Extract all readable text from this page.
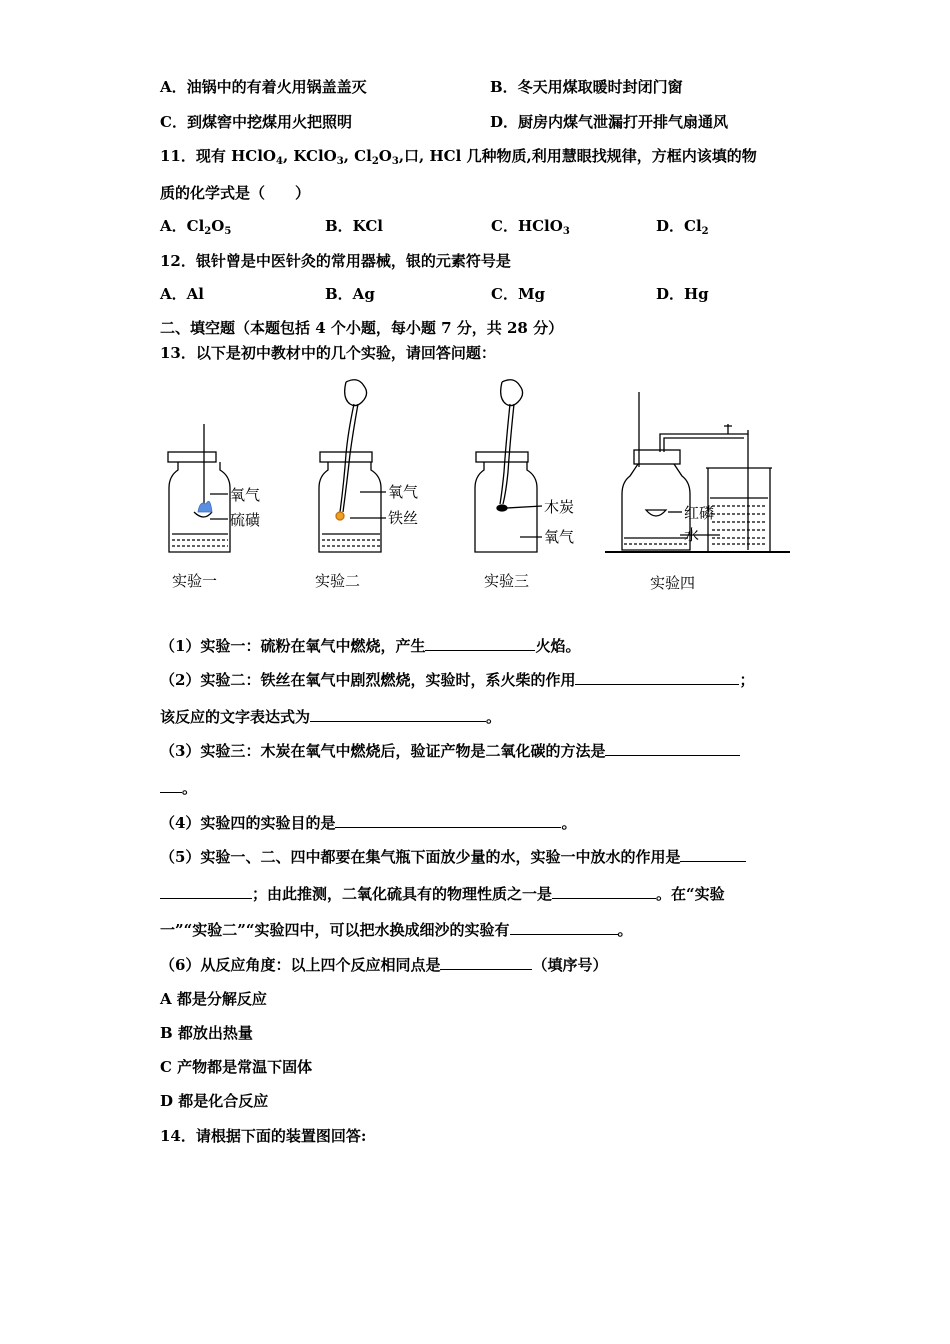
A．油锅中的有着火用锅盖盖灭	B．冬天用煤取暖时封闭门窗
C．到煤窖中挖煤用火把照明	D．厨房内煤气泄漏打开排气扇通风
11．现有 HClO$_4$, KClO$_3$, $Cl_2O_3$,口, HCl 几种物质,利用慧眼找规律，方框内该填的物
质的化学式是（　　）
A．$Cl_2O_5$	B．KCl	C．HClO$_3$	D．$Cl_2$
12．银针曾是中医针灸的常用器械，银的元素符号是
A．Al	B．Ag	C．Mg	D．Hg
二、填空题（本题包括 4 个小题，每小题 7 分，共 28 分）
13．以下是初中教材中的几个实验，请回答问题：
氧气
硫磺
氧气
铁丝
木炭
氧气
红磷
水
实验一	实验二	实验三	实验四
（1）实验一：硫粉在氧气中燃烧，产生	火焰。
（2）实验二：铁丝在氧气中剧烈燃烧，实验时，系火柴的作用	；
该反应的文字表达式为	。
（3）实验三：木炭在氧气中燃烧后，验证产物是二氧化碳的方法是
。
（4）实验四的实验目的是	。
（5）实验一、二、四中都要在集气瓶下面放少量的水，实验一中放水的作用是
；由此推测，二氧化硫具有的物理性质之一是	。在“实验
一”“实验二”“实验四中，可以把水换成细沙的实验有	。
（6）从反应角度：以上四个反应相同点是	（填序号）
A 都是分解反应
B 都放出热量
C 产物都是常温下固体
D 都是化合反应
14．请根据下面的装置图回答:
